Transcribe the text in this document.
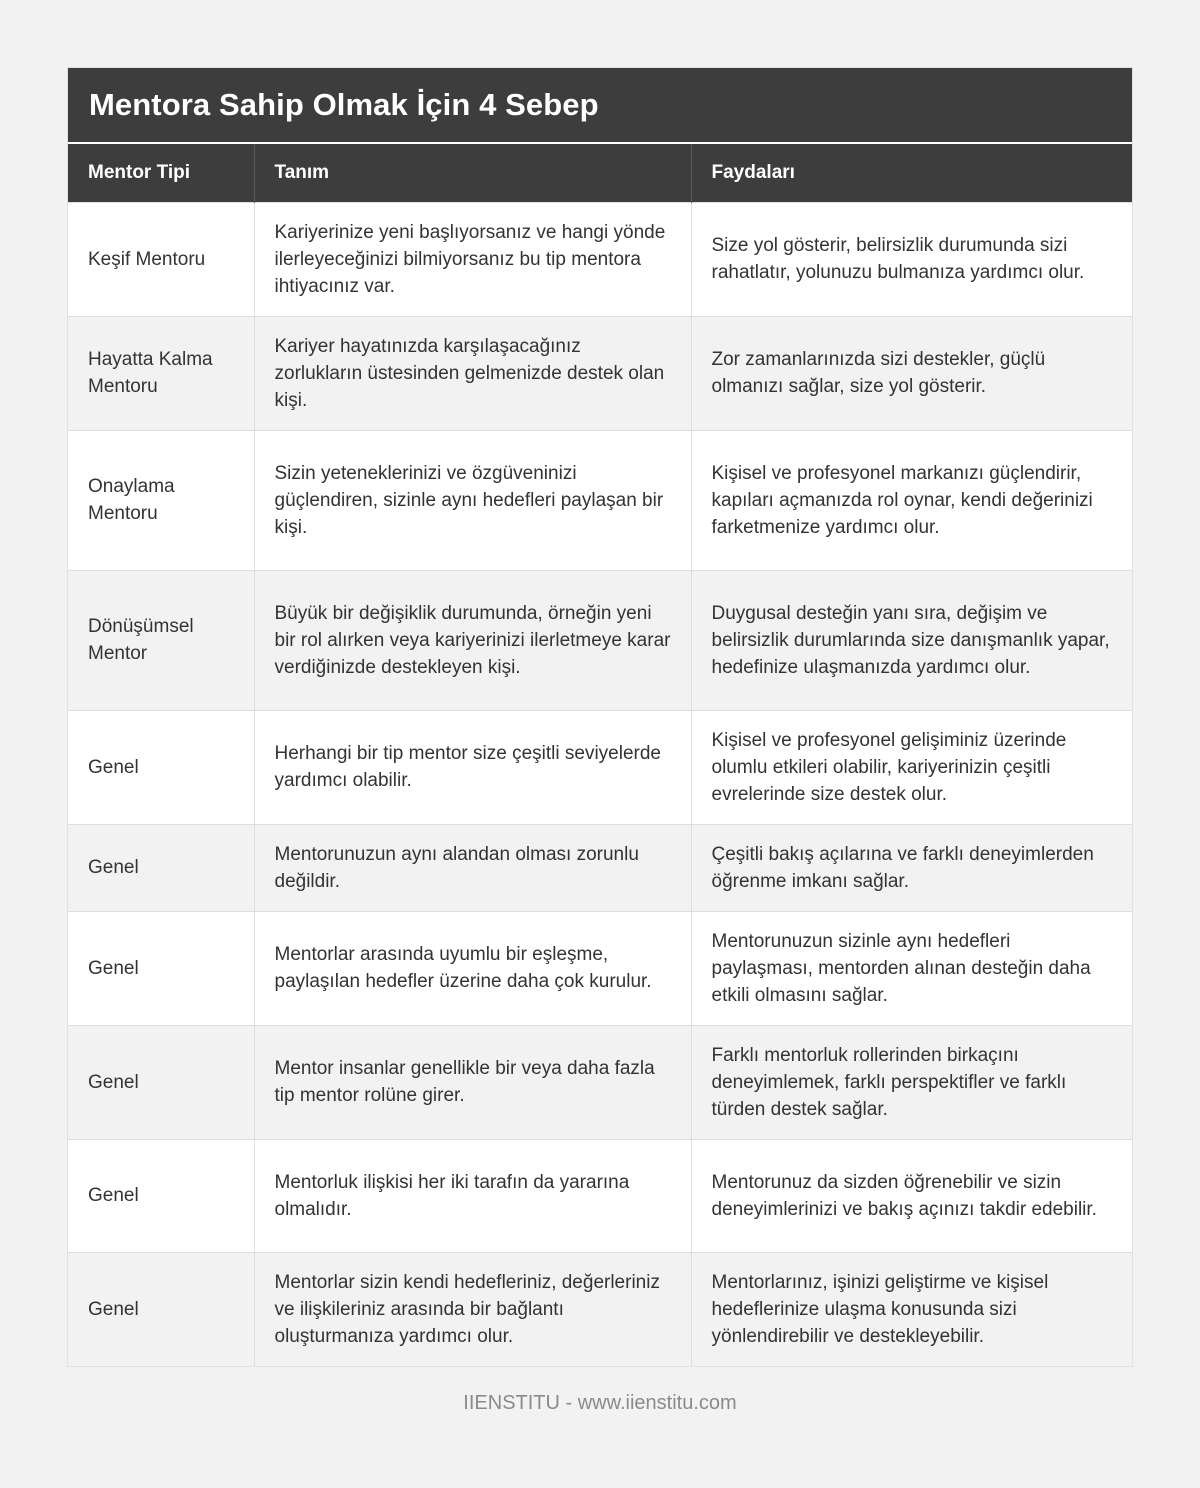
Mentora Sahip Olmak İçin 4 Sebep
Mentor Tipi	Tanım	Faydaları
Keşif Mentoru	Kariyerinize yeni başlıyorsanız ve hangi yönde ilerleyeceğinizi bilmiyorsanız bu tip mentora ihtiyacınız var.	Size yol gösterir, belirsizlik durumunda sizi rahatlatır, yolunuzu bulmanıza yardımcı olur.
Hayatta Kalma Mentoru	Kariyer hayatınızda karşılaşacağınız zorlukların üstesinden gelmenizde destek olan kişi.	Zor zamanlarınızda sizi destekler, güçlü olmanızı sağlar, size yol gösterir.
Onaylama Mentoru	Sizin yeteneklerinizi ve özgüveninizi güçlendiren, sizinle aynı hedefleri paylaşan bir kişi.	Kişisel ve profesyonel markanızı güçlendirir, kapıları açmanızda rol oynar, kendi değerinizi farketmenize yardımcı olur.
Dönüşümsel Mentor	Büyük bir değişiklik durumunda, örneğin yeni bir rol alırken veya kariyerinizi ilerletmeye karar verdiğinizde destekleyen kişi.	Duygusal desteğin yanı sıra, değişim ve belirsizlik durumlarında size danışmanlık yapar, hedefinize ulaşmanızda yardımcı olur.
Genel	Herhangi bir tip mentor size çeşitli seviyelerde yardımcı olabilir.	Kişisel ve profesyonel gelişiminiz üzerinde olumlu etkileri olabilir, kariyerinizin çeşitli evrelerinde size destek olur.
Genel	Mentorunuzun aynı alandan olması zorunlu değildir.	Çeşitli bakış açılarına ve farklı deneyimlerden öğrenme imkanı sağlar.
Genel	Mentorlar arasında uyumlu bir eşleşme, paylaşılan hedefler üzerine daha çok kurulur.	Mentorunuzun sizinle aynı hedefleri paylaşması, mentorden alınan desteğin daha etkili olmasını sağlar.
Genel	Mentor insanlar genellikle bir veya daha fazla tip mentor rolüne girer.	Farklı mentorluk rollerinden birkaçını deneyimlemek, farklı perspektifler ve farklı türden destek sağlar.
Genel	Mentorluk ilişkisi her iki tarafın da yararına olmalıdır.	Mentorunuz da sizden öğrenebilir ve sizin deneyimlerinizi ve bakış açınızı takdir edebilir.
Genel	Mentorlar sizin kendi hedefleriniz, değerleriniz ve ilişkileriniz arasında bir bağlantı oluşturmanıza yardımcı olur.	Mentorlarınız, işinizi geliştirme ve kişisel hedeflerinize ulaşma konusunda sizi yönlendirebilir ve destekleyebilir.
IIENSTITU - www.iienstitu.com
